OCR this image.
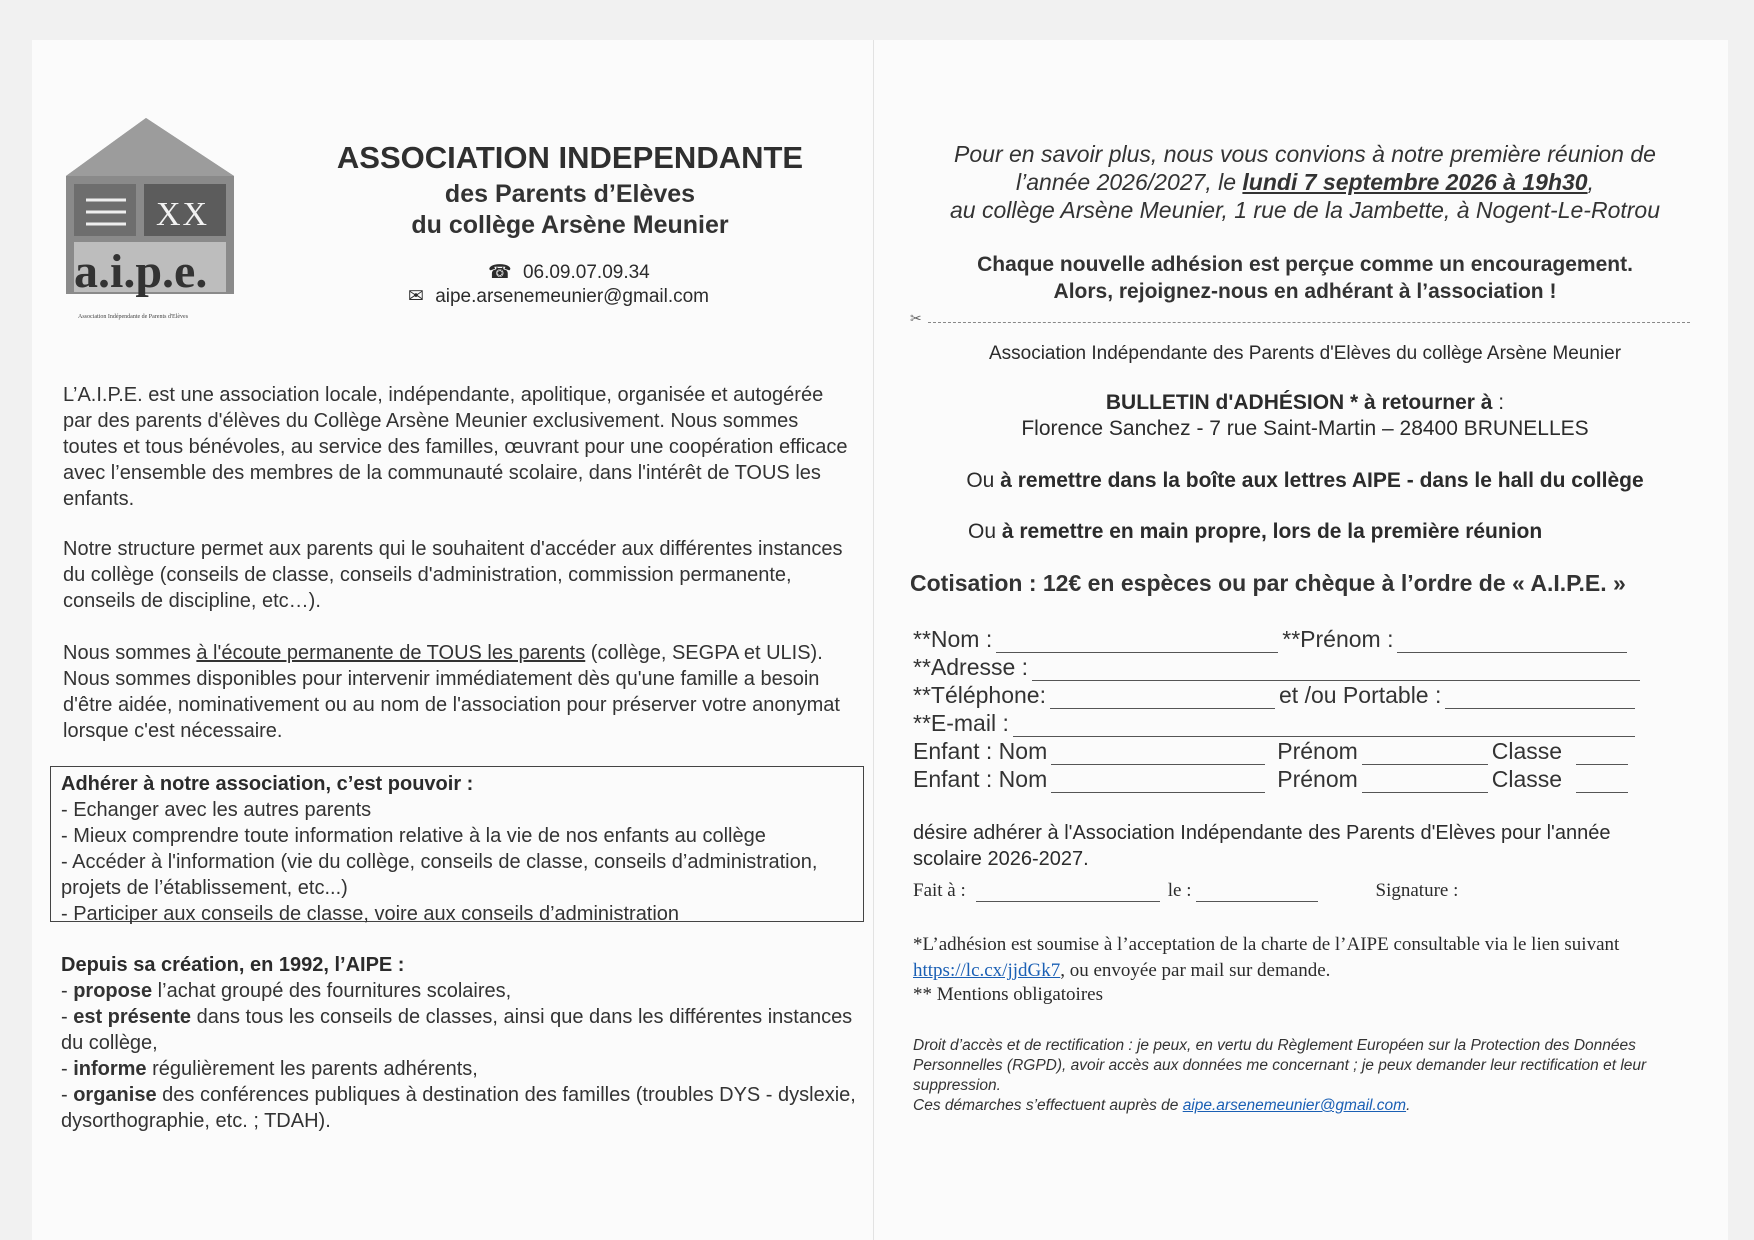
XX
a.i.p.e.
Association Indépendante de Parents d'Elèves

ASSOCIATION INDEPENDANTE

des Parents d’Elèves

du collège Arsène Meunier

☎ 06.09.07.09.34
✉ aipe.arsenemeunier@gmail.com

L’A.I.P.E. est une association locale, indépendante, apolitique, organisée et autogérée par des parents d'élèves du Collège Arsène Meunier exclusivement. Nous sommes toutes et tous bénévoles, au service des familles, œuvrant pour une coopération efficace avec l’ensemble des membres de la communauté scolaire, dans l'intérêt de TOUS les enfants.

Notre structure permet aux parents qui le souhaitent d'accéder aux différentes instances du collège (conseils de classe, conseils d'administration, commission permanente, conseils de discipline, etc…).

Nous sommes à l'écoute permanente de TOUS les parents (collège, SEGPA et ULIS). Nous sommes disponibles pour intervenir immédiatement dès qu'une famille a besoin d'être aidée, nominativement ou au nom de l'association pour préserver votre anonymat lorsque c'est nécessaire.

Adhérer à notre association, c’est pouvoir :

- Echanger avec les autres parents
- Mieux comprendre toute information relative à la vie de nos enfants au collège
- Accéder à l'information (vie du collège, conseils de classe, conseils d’administration, projets de l’établissement, etc...)
- Participer aux conseils de classe, voire aux conseils d’administration

Depuis sa création, en 1992, l’AIPE :

- propose l’achat groupé des fournitures scolaires,
- est présente dans tous les conseils de classes, ainsi que dans les différentes instances du collège,
- informe régulièrement les parents adhérents,
- organise des conférences publiques à destination des familles (troubles DYS - dyslexie, dysorthographie, etc. ; TDAH).

Pour en savoir plus, nous vous convions à notre première réunion de

l’année 2026/2027, le lundi 7 septembre 2026 à 19h30,

au collège Arsène Meunier, 1 rue de la Jambette, à Nogent-Le-Rotrou

Chaque nouvelle adhésion est perçue comme un encouragement.

Alors, rejoignez-nous en adhérant à l’association !

✂

Association Indépendante des Parents d'Elèves du collège Arsène Meunier

BULLETIN d'ADHÉSION * à retourner à :

Florence Sanchez - 7 rue Saint-Martin – 28400 BRUNELLES

Ou à remettre dans la boîte aux lettres AIPE - dans le hall du collège

Ou à remettre en main propre, lors de la première réunion

Cotisation : 12€ en espèces ou par chèque à l’ordre de « A.I.P.E. »

**Nom :	**Prénom :
**Adresse :
**Téléphone:	et /ou Portable :
**E-mail :
Enfant : Nom	Prénom	Classe
Enfant : Nom	Prénom	Classe

désire adhérer à l'Association Indépendante des Parents d'Elèves pour l'année scolaire 2026-2027.

Fait à :	le :	Signature :

*L’adhésion est soumise à l’acceptation de la charte de l’AIPE consultable via le lien suivant https://lc.cx/jjdGk7, ou envoyée par mail sur demande.

** Mentions obligatoires

Droit d’accès et de rectification : je peux, en vertu du Règlement Européen sur la Protection des Données Personnelles (RGPD), avoir accès aux données me concernant ; je peux demander leur rectification et leur suppression.

Ces démarches s’effectuent auprès de aipe.arsenemeunier@gmail.com.
